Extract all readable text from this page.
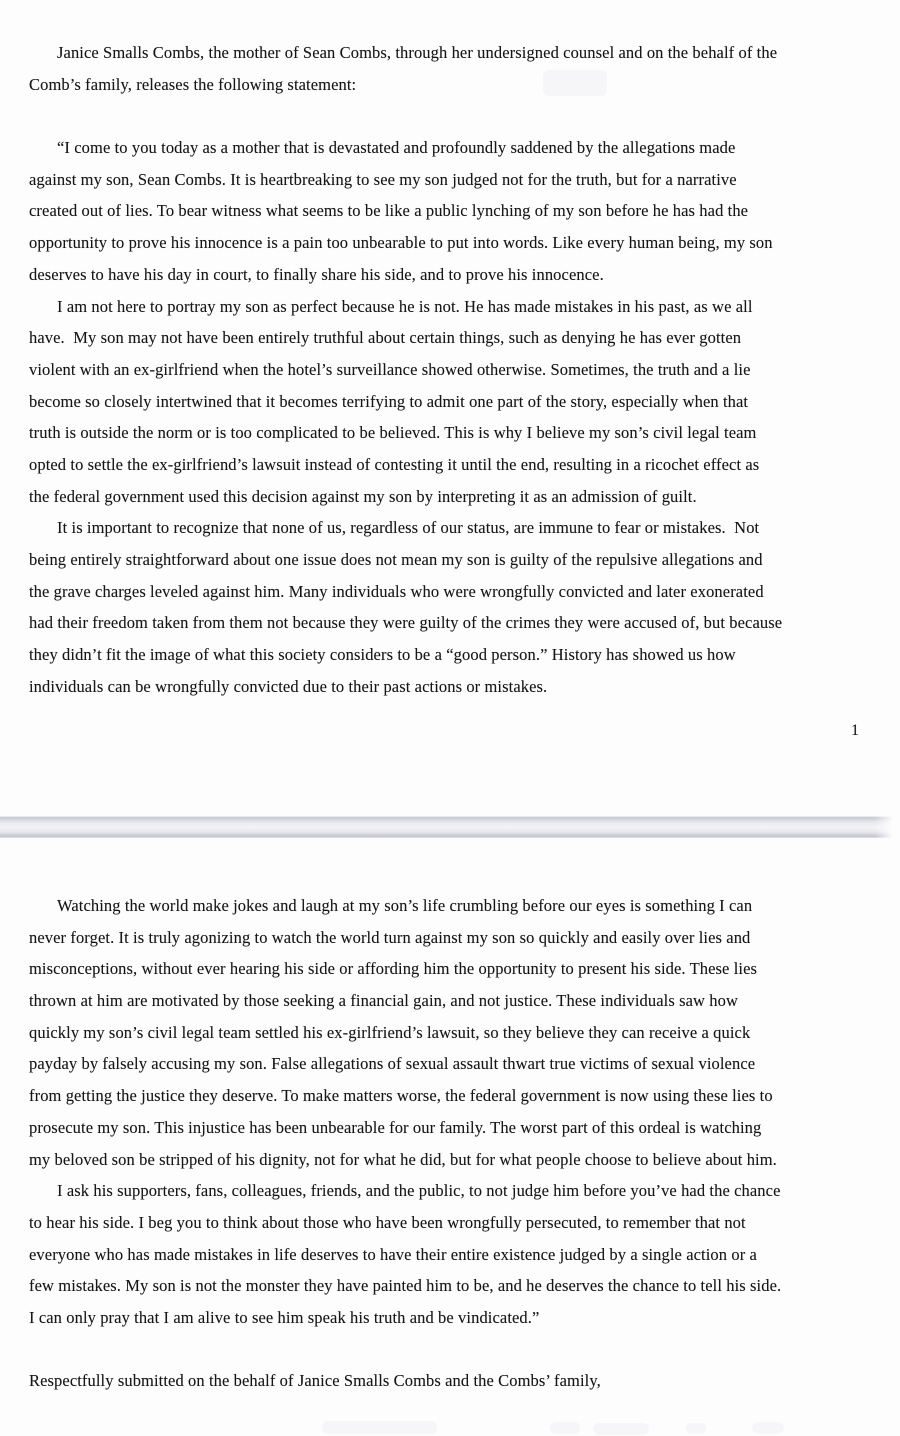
Janice Smalls Combs, the mother of Sean Combs, through her undersigned counsel and on the behalf of the
Comb’s family, releases the following statement:
“I come to you today as a mother that is devastated and profoundly saddened by the allegations made
against my son, Sean Combs. It is heartbreaking to see my son judged not for the truth, but for a narrative
created out of lies. To bear witness what seems to be like a public lynching of my son before he has had the
opportunity to prove his innocence is a pain too unbearable to put into words. Like every human being, my son
deserves to have his day in court, to finally share his side, and to prove his innocence.
I am not here to portray my son as perfect because he is not. He has made mistakes in his past, as we all
have.  My son may not have been entirely truthful about certain things, such as denying he has ever gotten
violent with an ex-girlfriend when the hotel’s surveillance showed otherwise. Sometimes, the truth and a lie
become so closely intertwined that it becomes terrifying to admit one part of the story, especially when that
truth is outside the norm or is too complicated to be believed. This is why I believe my son’s civil legal team
opted to settle the ex-girlfriend’s lawsuit instead of contesting it until the end, resulting in a ricochet effect as
the federal government used this decision against my son by interpreting it as an admission of guilt.
It is important to recognize that none of us, regardless of our status, are immune to fear or mistakes.  Not
being entirely straightforward about one issue does not mean my son is guilty of the repulsive allegations and
the grave charges leveled against him. Many individuals who were wrongfully convicted and later exonerated
had their freedom taken from them not because they were guilty of the crimes they were accused of, but because
they didn’t fit the image of what this society considers to be a “good person.” History has showed us how
individuals can be wrongfully convicted due to their past actions or mistakes.
1
Watching the world make jokes and laugh at my son’s life crumbling before our eyes is something I can
never forget. It is truly agonizing to watch the world turn against my son so quickly and easily over lies and
misconceptions, without ever hearing his side or affording him the opportunity to present his side. These lies
thrown at him are motivated by those seeking a financial gain, and not justice. These individuals saw how
quickly my son’s civil legal team settled his ex-girlfriend’s lawsuit, so they believe they can receive a quick
payday by falsely accusing my son. False allegations of sexual assault thwart true victims of sexual violence
from getting the justice they deserve. To make matters worse, the federal government is now using these lies to
prosecute my son. This injustice has been unbearable for our family. The worst part of this ordeal is watching
my beloved son be stripped of his dignity, not for what he did, but for what people choose to believe about him.
I ask his supporters, fans, colleagues, friends, and the public, to not judge him before you’ve had the chance
to hear his side. I beg you to think about those who have been wrongfully persecuted, to remember that not
everyone who has made mistakes in life deserves to have their entire existence judged by a single action or a
few mistakes. My son is not the monster they have painted him to be, and he deserves the chance to tell his side.
I can only pray that I am alive to see him speak his truth and be vindicated.”
Respectfully submitted on the behalf of Janice Smalls Combs and the Combs’ family,
